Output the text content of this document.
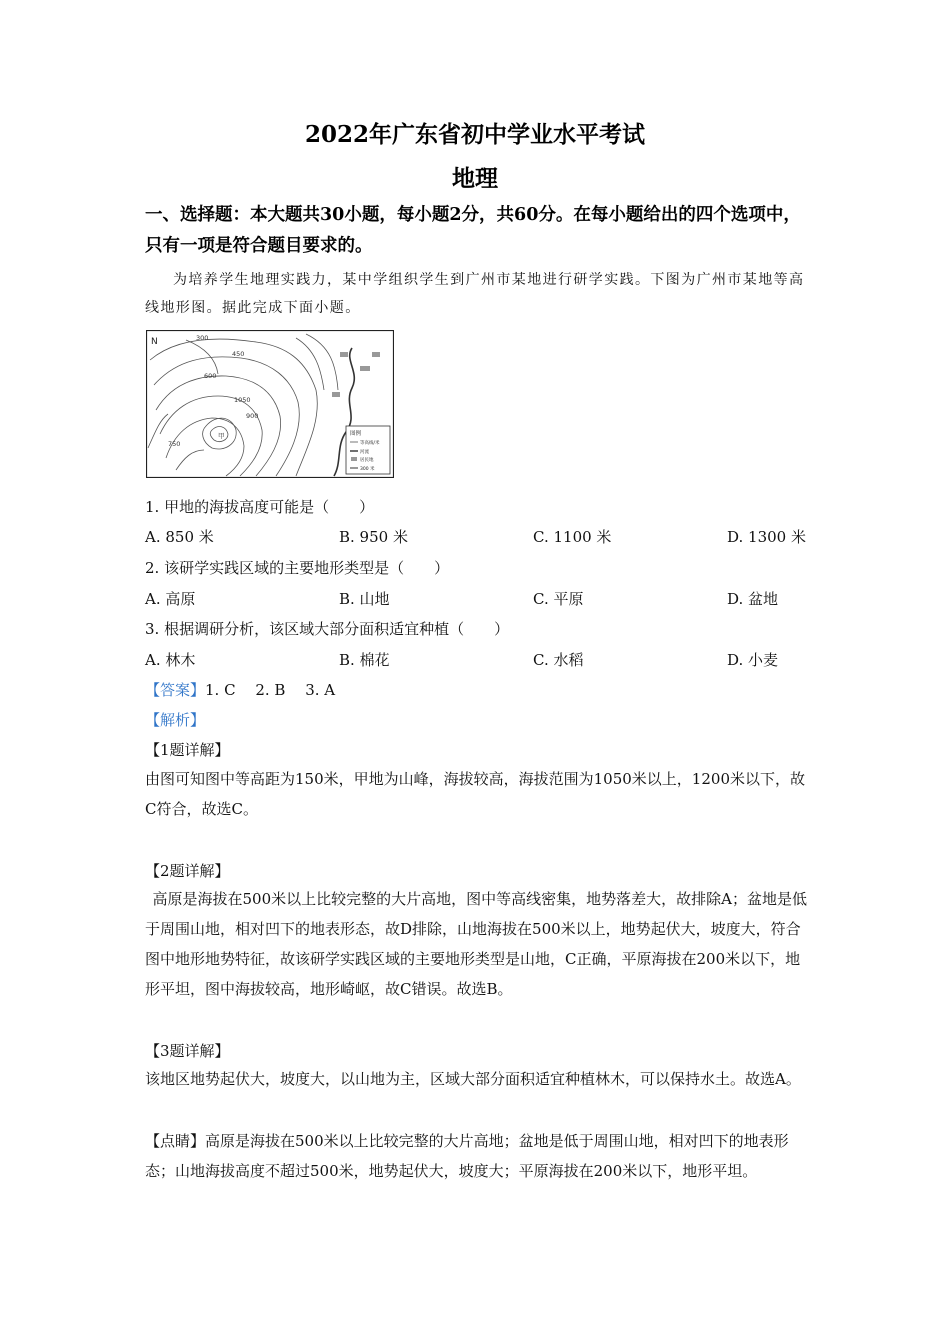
2022年广东省初中学业水平考试
地理
一、选择题：本大题共30小题，每小题2分，共60分。在每小题给出的四个选项中，只有一项是符合题目要求的。
为培养学生地理实践力，某中学组织学生到广州市某地进行研学实践。下图为广州市某地等高线地形图。据此完成下面小题。
N	300
450
600
1050
900
750
甲	图例
等高线/米
河流
居民地
300 米
1. 甲地的海拔高度可能是（　　）
A. 850 米	B. 950 米	C. 1100 米	D. 1300 米
2. 该研学实践区域的主要地形类型是（　　）
A. 高原	B. 山地	C. 平原	D. 盆地
3. 根据调研分析，该区域大部分面积适宜种植（　　）
A. 林木	B. 棉花	C. 水稻	D. 小麦
【答案】1. C　 2. B　 3. A
【解析】
【1题详解】
由图可知图中等高距为150米，甲地为山峰，海拔较高，海拔范围为1050米以上，1200米以下，故C符合，故选C。
【2题详解】
高原是海拔在500米以上比较完整的大片高地，图中等高线密集，地势落差大，故排除A；盆地是低于周围山地，相对凹下的地表形态，故D排除，山地海拔在500米以上，地势起伏大，坡度大，符合图中地形地势特征，故该研学实践区域的主要地形类型是山地，C正确，平原海拔在200米以下，地形平坦，图中海拔较高，地形崎岖，故C错误。故选B。
【3题详解】
该地区地势起伏大，坡度大，以山地为主，区域大部分面积适宜种植林木，可以保持水土。故选A。
【点睛】高原是海拔在500米以上比较完整的大片高地；盆地是低于周围山地，相对凹下的地表形态；山地海拔高度不超过500米，地势起伏大，坡度大；平原海拔在200米以下，地形平坦。
